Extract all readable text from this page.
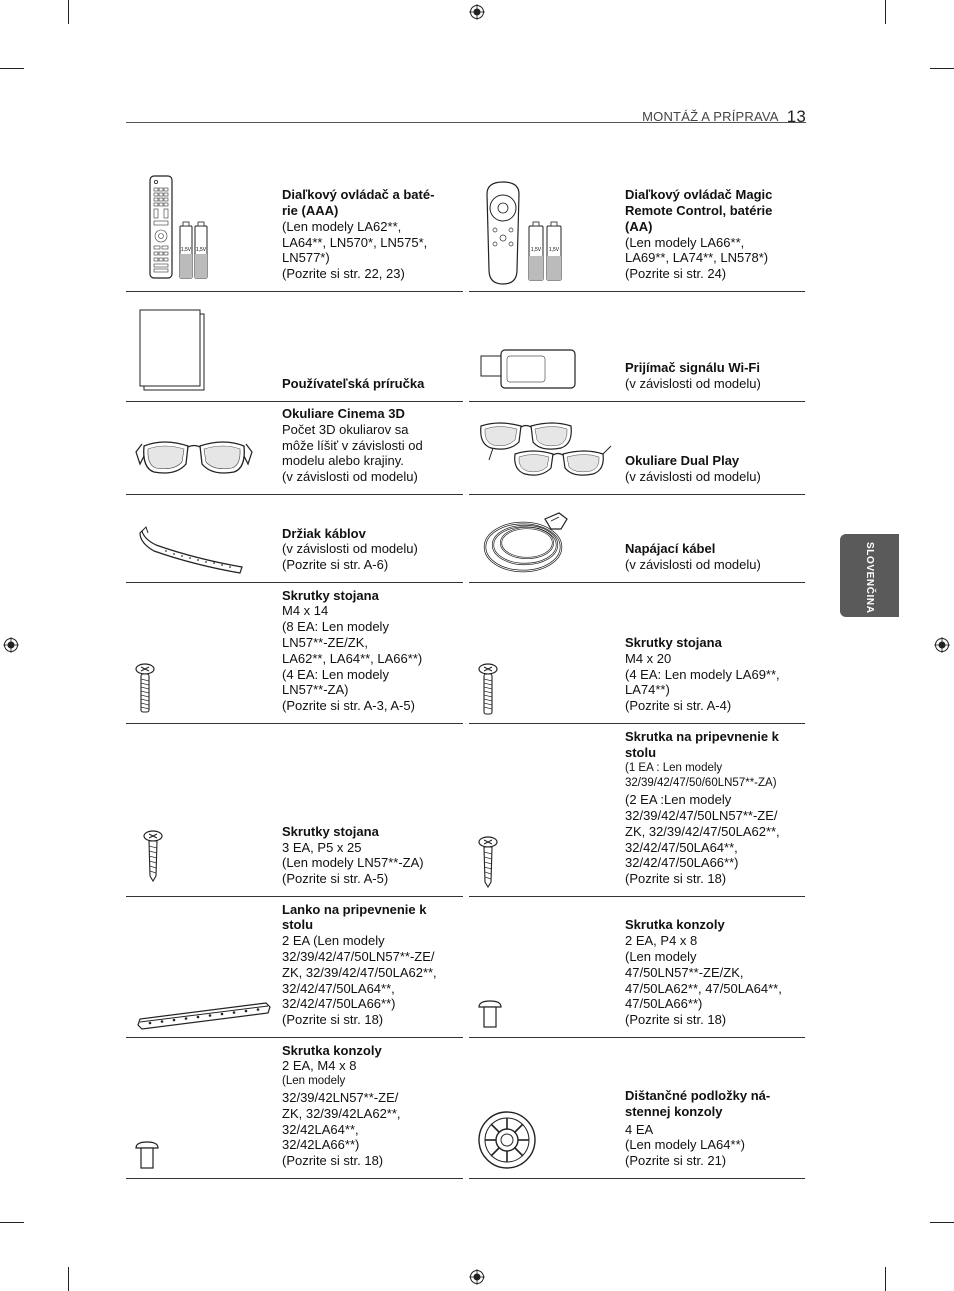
MONTÁŽ A PRÍPRAVA 13
SLOVENČINA
1,5V 1,5V
Diaľkový ovládač a baté-
rie (AAA)
(Len modely LA62**,
LA64**, LN570*, LN575*,
LN577*)
(Pozrite si str. 22, 23)
1,5V 1,5V
Diaľkový ovládač Magic
Remote Control, batérie
(AA)
(Len modely LA66**,
LA69**, LA74**, LN578*)
(Pozrite si str. 24)
Používateľská príručka
Prijímač signálu Wi-Fi
(v závislosti od modelu)
Okuliare Cinema 3D
Počet 3D okuliarov sa
môže líšiť v závislosti od
modelu alebo krajiny.
(v závislosti od modelu)
Okuliare Dual Play
(v závislosti od modelu)
Držiak káblov
(v závislosti od modelu)
(Pozrite si str. A-6)
Napájací kábel
(v závislosti od modelu)
Skrutky stojana
M4 x 14
(8 EA: Len modely
LN57**-ZE/ZK,
LA62**, LA64**, LA66**)
(4 EA: Len modely
LN57**-ZA)
(Pozrite si str. A-3, A-5)
Skrutky stojana
M4 x 20
(4 EA: Len modely LA69**,
LA74**)
(Pozrite si str. A-4)
Skrutky stojana
3 EA, P5 x 25
(Len modely LN57**-ZA)
(Pozrite si str. A-5)
Skrutka na pripevnenie k
stolu
(1 EA : Len modely
32/39/42/47/50/60LN57**-ZA)
(2 EA :Len modely
32/39/42/47/50LN57**-ZE/
ZK, 32/39/42/47/50LA62**,
32/42/47/50LA64**,
32/42/47/50LA66**)
(Pozrite si str. 18)
Lanko na pripevnenie k
stolu
2 EA (Len modely
32/39/42/47/50LN57**-ZE/
ZK, 32/39/42/47/50LA62**,
32/42/47/50LA64**,
32/42/47/50LA66**)
(Pozrite si str. 18)
Skrutka konzoly
2 EA, P4 x 8
(Len modely
47/50LN57**-ZE/ZK,
47/50LA62**, 47/50LA64**,
47/50LA66**)
(Pozrite si str. 18)
Skrutka konzoly
2 EA, M4 x 8
(Len modely
32/39/42LN57**-ZE/
ZK, 32/39/42LA62**,
32/42LA64**,
32/42LA66**)
(Pozrite si str. 18)
Dištančné podložky ná-
stennej konzoly
4 EA
(Len modely LA64**)
(Pozrite si str. 21)
